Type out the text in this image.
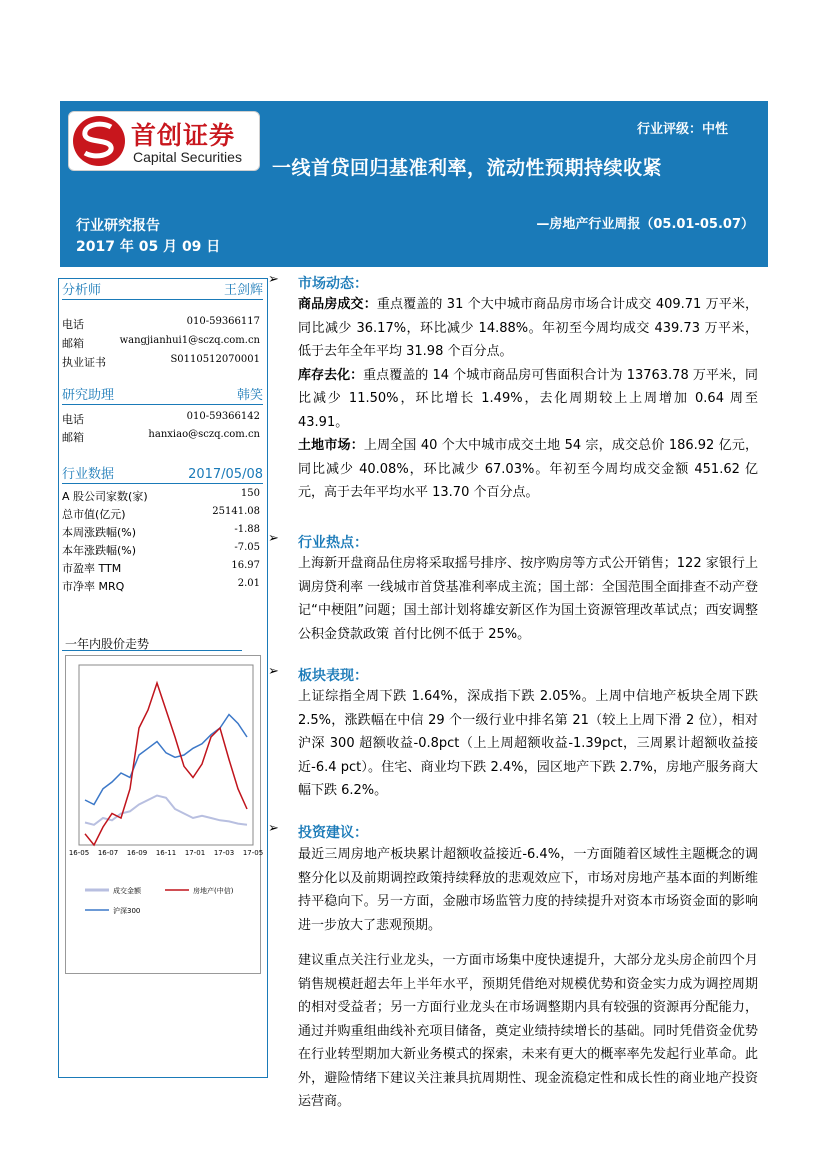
首创证券
Capital Securities
行业评级：中性
一线首贷回归基准利率，流动性预期持续收紧
行业研究报告
2017 年 05 月 09 日
—房地产行业周报（05.01-05.07）
分析师	王剑辉
电话	010-59366117
邮箱	wangjianhui1@sczq.com.cn
执业证书	S0110512070001
研究助理	韩笑
电话	010-59366142
邮箱	hanxiao@sczq.com.cn
行业数据	2017/05/08
A 股公司家数(家)	150
总市值(亿元)	25141.08
本周涨跌幅(%)	-1.88
本年涨跌幅(%)	-7.05
市盈率 TTM	16.97
市净率 MRQ	2.01
一年内股价走势
16-05 16-07 16-09 16-11 17-01 17-03 17-05
成交金额	房地产(中信)
沪深300
➢ 市场动态：

商品房成交：重点覆盖的 31 个大中城市商品房市场合计成交 409.71 万平米，同比减少 36.17%，环比减少 14.88%。年初至今周均成交 439.73 万平米，低于去年全年平均 31.98 个百分点。

库存去化：重点覆盖的 14 个城市商品房可售面积合计为 13763.78 万平米，同比减少 11.50%，环比增长 1.49%，去化周期较上上周增加 0.64 周至 43.91。

土地市场：上周全国 40 个大中城市成交土地 54 宗，成交总价 186.92 亿元，同比减少 40.08%，环比减少 67.03%。年初至今周均成交金额 451.62 亿元，高于去年平均水平 13.70 个百分点。

➢ 行业热点：
上海新开盘商品住房将采取摇号排序、按序购房等方式公开销售；122 家银行上调房贷利率 一线城市首贷基准利率成主流；国土部：全国范围全面排查不动产登记“中梗阻”问题；国土部计划将雄安新区作为国土资源管理改革试点；西安调整公积金贷款政策 首付比例不低于 25%。
➢ 板块表现：
上证综指全周下跌 1.64%，深成指下跌 2.05%。上周中信地产板块全周下跌 2.5%，涨跌幅在中信 29 个一级行业中排名第 21（较上上周下滑 2 位），相对沪深 300 超额收益-0.8pct（上上周超额收益-1.39pct，三周累计超额收益接近-6.4 pct）。住宅、商业均下跌 2.4%，园区地产下跌 2.7%，房地产服务商大幅下跌 6.2%。
➢ 投资建议：

最近三周房地产板块累计超额收益接近-6.4%，一方面随着区域性主题概念的调整分化以及前期调控政策持续释放的悲观效应下，市场对房地产基本面的判断维持平稳向下。另一方面，金融市场监管力度的持续提升对资本市场资金面的影响进一步放大了悲观预期。

建议重点关注行业龙头，一方面市场集中度快速提升，大部分龙头房企前四个月销售规模赶超去年上半年水平，预期凭借绝对规模优势和资金实力成为调控周期的相对受益者；另一方面行业龙头在市场调整期内具有较强的资源再分配能力，通过并购重组曲线补充项目储备，奠定业绩持续增长的基础。同时凭借资金优势在行业转型期加大新业务模式的探索，未来有更大的概率率先发起行业革命。此外，避险情绪下建议关注兼具抗周期性、现金流稳定性和成长性的商业地产投资运营商。
